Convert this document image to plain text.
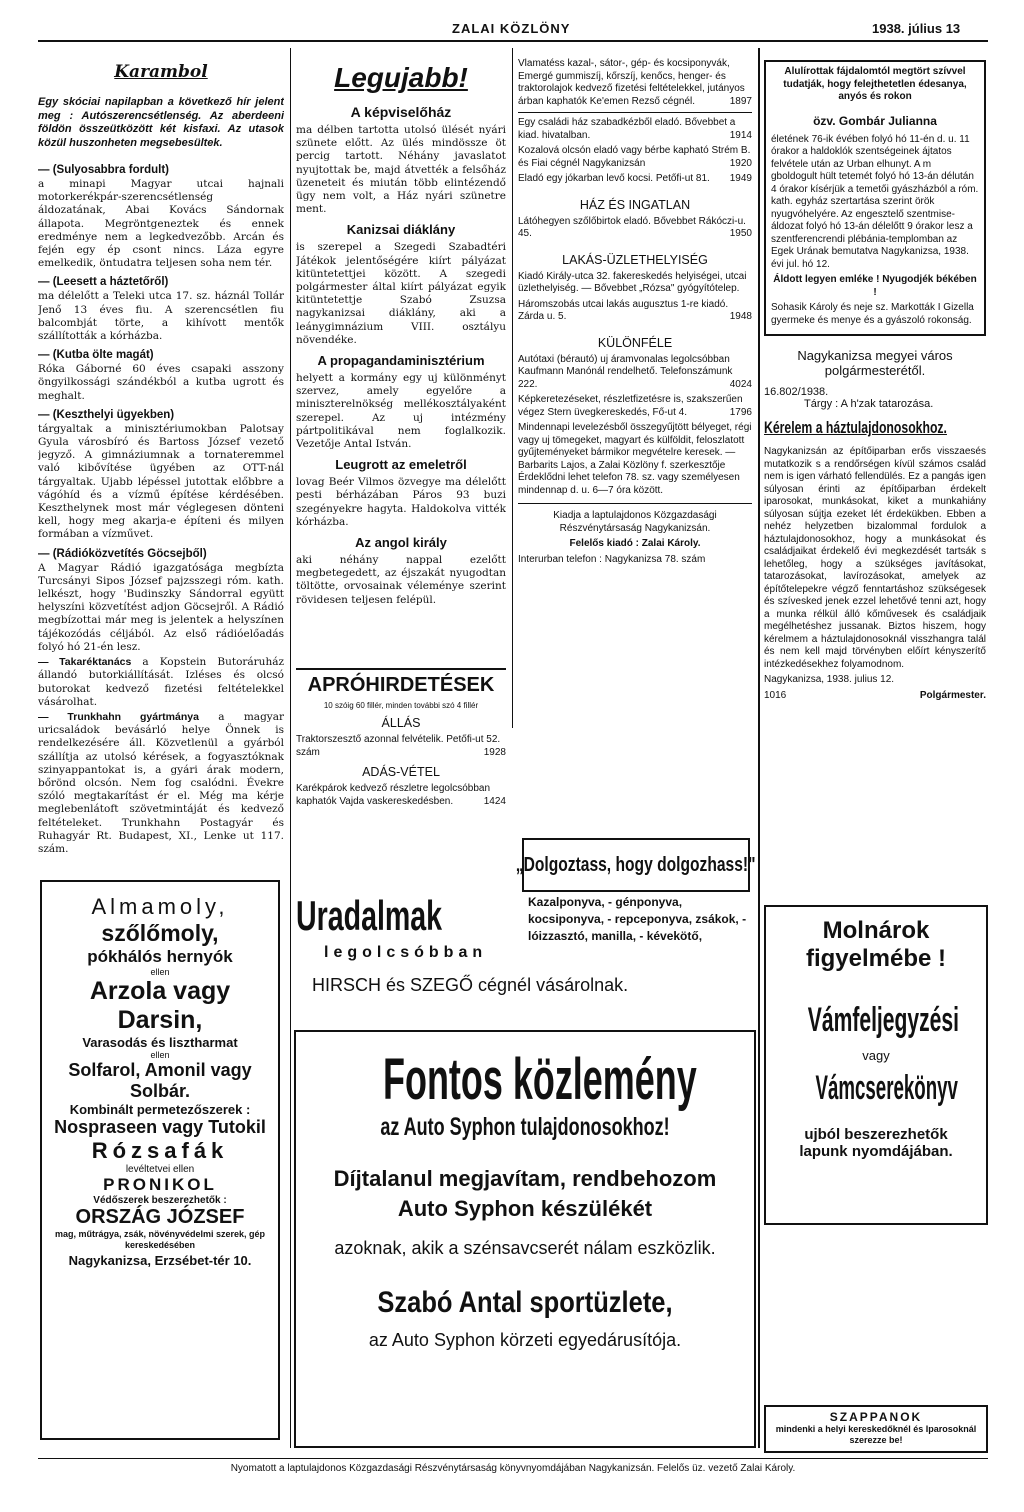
ZALAI KÖZLÖNY	1938. július 13
Karambol

Egy skóciai napilapban a következő hír jelent meg : Autószerencsétlenség. Az aberdeeni földön összeütközött két kisfaxi. Az utasok közül huszonheten megsebesültek.

— (Sulyosabbra fordult)

a minapi Magyar utcai hajnali motorkerékpár-szerencsétlenség áldozatának, Abai Kovács Sándornak állapota. Megröntgeneztek és ennek eredménye nem a legkedvezőbb. Arcán és fején egy ép csont nincs. Láza egyre emelkedik, öntudatra teljesen soha nem tér.

— (Leesett a háztetőről)

ma délelőtt a Teleki utca 17. sz. háznál Tollár Jenő 13 éves fiu. A szerencsétlen fiu balcombját törte, a kihívott mentők szállították a kórházba.

— (Kutba ölte magát)

Róka Gáborné 60 éves csapaki asszony öngyilkossági szándékból a kutba ugrott és meghalt.

— (Keszthelyi ügyekben)

tárgyaltak a minisztériumokban Palotsay Gyula városbíró és Bartoss József vezető jegyző. A gimnáziumnak a tornateremmel való kibővítése ügyében az OTT-nál tárgyaltak. Ujabb lépéssel jutottak előbbre a vágóhíd és a vízmű építése kérdésében. Keszthelynek most már véglegesen dönteni kell, hogy meg akarja-e építeni és milyen formában a vízművet.

— (Rádióközvetítés Göcsejből)

A Magyar Rádió igazgatósága megbízta Turcsányi Sipos József pajzsszegi róm. kath. lelkészt, hogy 'Budinszky Sándorral együtt helyszíni közvetítést adjon Göcsejről. A Rádió megbízottai már meg is jelentek a helyszínen tájékozódás céljából. Az első rádióelőadás folyó hó 21-én lesz.

— Takaréktanács a Kopstein Butoráruház állandó butorkiállítását. Izléses és olcsó butorokat kedvező fizetési feltételekkel vásárolhat.

— Trunkhahn gyártmánya a magyar uricsaládok bevásárló helye Önnek is rendelkezésére áll. Közvetlenül a gyárból szállítja az utolsó kérések, a fogyasztóknak szinyappantokat is, a gyári árak modern, bőrönd olcsón. Nem fog csalódni. Évekre szóló megtakarítást ér el. Még ma kérje meglebenlátoft szövetmintáját és kedvező feltételeket. Trunkhahn Postagyár és Ruhagyár Rt. Budapest, XI., Lenke ut 117. szám.

Almamoly,
szőlőmoly,
pókhálós hernyók
ellen
Arzola vagy Darsin,
Varasodás és lisztharmat
ellen
Solfarol, Amonil vagy Solbár.
Kombinált permetezőszerek :
Nospraseen vagy Tutokil
Rózsafák
levéltetvei ellen
PRONIKOL
Védőszerek beszerezhetők :
ORSZÁG JÓZSEF
mag, műtrágya, zsák, növényvédelmi szerek, gép kereskedésében
Nagykanizsa, Erzsébet-tér 10.
Legujabb!
A képviselőház

ma délben tartotta utolsó ülését nyári szünete előtt. Az ülés mindössze öt percig tartott. Néhány javaslatot nyujtottak be, majd átvették a felsőház üzeneteit és miután több elintézendő ügy nem volt, a Ház nyári szünetre ment.

Kanizsai diáklány

is szerepel a Szegedi Szabadtéri Játékok jelentőségére kiírt pályázat kitüntetettjei között. A szegedi polgármester által kiírt pályázat egyik kitüntetettje Szabó Zsuzsa nagykanizsai diáklány, aki a leánygimnázium VIII. osztályu növendéke.

A propagandaminisztérium

helyett a kormány egy uj különményt szervez, amely egyelőre a miniszterelnökség mellékosztályaként szerepel. Az uj intézmény pártpolitikával nem foglalkozik. Vezetője Antal István.

Leugrott az emeletről

lovag Beér Vilmos özvegye ma délelőtt pesti bérházában Páros 93 buzi szegényekre hagyta. Haldokolva vitték kórházba.

Az angol király

aki néhány nappal ezelőtt megbetegedett, az éjszakát nyugodtan töltötte, orvosainak véleménye szerint rövidesen teljesen felépül.

APRÓHIRDETÉSEK
10 szóig 60 fillér, minden további szó 4 fillér
ÁLLÁS

Traktorszesztő azonnal felvételik. Petőfi-ut 52. szám	1928

ADÁS-VÉTEL

Karékpárok kedvező részletre legolcsóbban kaphatók Vajda vaskereskedésben.	1424

Vlamatéss kazal-, sátor-, gép- és kocsiponyvák, Emergé gummiszíj, kőrszíj, kenőcs, henger- és traktorolajok kedvező fizetési feltételekkel, jutányos árban kaphatók Ke'emen Rezső cégnél.	1897

Egy családi ház szabadkézből eladó. Bővebbet a kiad. hivatalban.	1914

Kozalová olcsón eladó vagy bérbe kapható Strém B. és Fiai cégnél Nagykanizsán	1920

Eladó egy jókarban levő kocsi. Petőfi-ut 81. 1949

HÁZ ÉS INGATLAN

Látóhegyen szőlőbirtok eladó. Bővebbet Rákóczi-u. 45.	1950

LAKÁS-ÜZLETHELYISÉG

Kiadó Király-utca 32. fakereskedés helyiségei, utcai üzlethelyiség. — Bővebbet „Rózsa" gyógyítótelep.

Háromszobás utcai lakás augusztus 1-re kiadó. Zárda u. 5.	1948

KÜLÖNFÉLE

Autótaxi (bérautó) uj áramvonalas legolcsóbban Kaufmann Manónál rendelhető. Telefonszámunk 222.	4024

Képkeretezéseket, részletfizetésre is, szakszerűen végez Stern üvegkereskedés, Fő-ut 4.	1796

Mindennapi levelezésből összegyűjtött bélyeget, régi vagy uj tömegeket, magyart és külföldit, feloszlatott gyűjteményeket bármikor megvételre keresek. — Barbarits Lajos, a Zalai Közlöny f. szerkesztője Érdeklődni lehet telefon 78. sz. vagy személyesen mindennap d. u. 6—7 óra között.

Kiadja a laptulajdonos Közgazdasági Részvénytársaság Nagykanizsán.

Felelős kiadó : Zalai Károly.

Interurban telefon : Nagykanizsa 78. szám

„Dolgoztass, hogy dolgozhass!"

Alulírottak fájdalomtól megtört szívvel tudatják, hogy felejthetetlen édesanya, anyós és rokon

özv. Gombár Julianna

életének 76-ik évében folyó hó 11-én d. u. 11 órakor a haldoklók szentségeinek ájtatos felvétele után az Urban elhunyt. A m gboldogult hült tetemét folyó hó 13-án délután 4 órakor kísérjük a temetői gyászházból a róm. kath. egyház szertartása szerint örök nyugvóhelyére. Az engesztelő szentmise-áldozat folyó hó 13-án délelőtt 9 órakor lesz a szentferencrendi plébánia-templomban az Egek Urának bemutatva Nagykanizsa, 1938. évi jul. hó 12.

Áldott legyen emléke ! Nyugodjék békében !

Sohasik Károly és neje sz. Markották I Gizella gyermeke és menye és a gyászoló rokonság.

Nagykanizsa megyei város polgármesterétől.
16.802/1938.
Tárgy : A h'zak tatarozása.
Kérelem a háztulajdonosokhoz.

Nagykanizsán az építőiparban erős visszaesés mutatkozik s a rendőrségen kívül számos család nem is igen várható fellendülés. Ez a pangás igen súlyosan érinti az építőiparban érdekelt iparosokat, munkásokat, kiket a munkahiány súlyosan sújtja ezeket lét érdekükben. Ebben a nehéz helyzetben bizalommal fordulok a háztulajdonosokhoz, hogy a munkásokat és családjaikat érdekelő évi megkezdését tartsák s lehetőleg, hogy a szükséges javításokat, tatarozásokat, lavírozásokat, amelyek az építőtelepekre végző fenntartáshoz szükségesek és szívesked jenek ezzel lehetővé tenni azt, hogy a munka rélkül álló kőművesek és családjaik megélhetéshez jussanak. Biztos hiszem, hogy kérelmem a háztulajdonosoknál visszhangra talál és nem kell majd törvényben előírt kényszerítő intézkedésekhez folyamodnom.

Nagykanizsa, 1938. julius 12.

1016	Polgármester.

Uradalmak
legolcsóbban
Kazalponyva, - génponyva, kocsiponyva, - repceponyva, zsákok, - lóizzasztó, manilla, - kévekötő,
HIRSCH és SZEGŐ cégnél vásárolnak.
Molnárok
figyelmébe !
Vámfeljegyzési
vagy
Vámcserekönyv
ujból beszerezhetők
lapunk nyomdájában.
Fontos közlemény
az Auto Syphon tulajdonosokhoz!
Díjtalanul megjavítam, rendbehozom Auto Syphon készülékét
azoknak, akik a szénsavcserét nálam eszközlik.
Szabó Antal sportüzlete,
az Auto Syphon körzeti egyedárusítója.
SZAPPANOK
mindenki a helyi kereskedőknél és Iparosoknál szerezze be!
Nyomatott a laptulajdonos Közgazdasági Részvénytársaság könyvnyomdájában Nagykanizsán. Felelős üz. vezető Zalai Károly.
